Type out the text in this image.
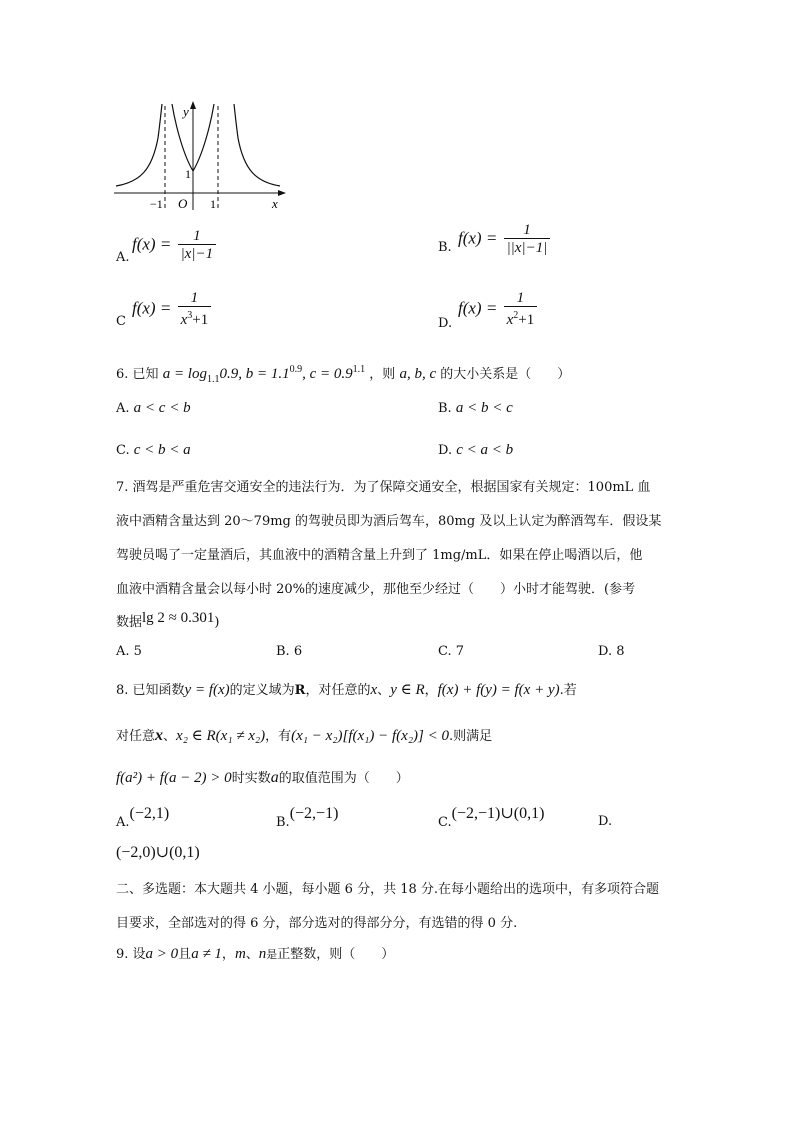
y
x
O
−1	1
1
A.
$f(x) = \frac{1}{|x|-1}$	B.
$f(x) = \frac{1}{||x|-1|}$
C
$f(x) = \frac{1}{x^3+1}$	D.
$f(x) = \frac{1}{x^2+1}$
6. 已知 $a = \log_{1.1}0.9$, $b = 1.1^{0.9}$, $c = 0.9^{1.1}$ ，则 a, b, c 的大小关系是（　　）
A. a < c < b	B. a < b < c
C. c < b < a	D. c < a < b
7. 酒驾是严重危害交通安全的违法行为．为了保障交通安全，根据国家有关规定：100mL 血
液中酒精含量达到 20～79mg 的驾驶员即为酒后驾车，80mg 及以上认定为醉酒驾车．假设某
驾驶员喝了一定量酒后，其血液中的酒精含量上升到了 1mg/mL．如果在停止喝酒以后，他
血液中酒精含量会以每小时 20%的速度减少，那他至少经过（　　）小时才能驾驶．(参考
数据lg 2 ≈ 0.301)
A. 5	B. 6	C. 7	D. 8
8. 已知函数y = f(x)的定义域为R，对任意的x、y ∈ R，f(x) + f(y) = f(x + y).若
对任意x、x₂ ∈ R(x₁ ≠ x₂)，有(x₁ − x₂)[f(x₁) − f(x₂)] < 0.则满足
f(a²) + f(a − 2) > 0时实数a的取值范围为（　　）
A.(−2,1)
B.(−2,−1)
C.(−2,−1)∪(0,1)	D.
(−2,0)∪(0,1)
二、多选题：本大题共 4 小题，每小题 6 分，共 18 分.在每小题给出的选项中，有多项符合题
目要求，全部选对的得 6 分，部分选对的得部分分，有选错的得 0 分.
9. 设a > 0且a ≠ 1，m、n是正整数，则（　　）
